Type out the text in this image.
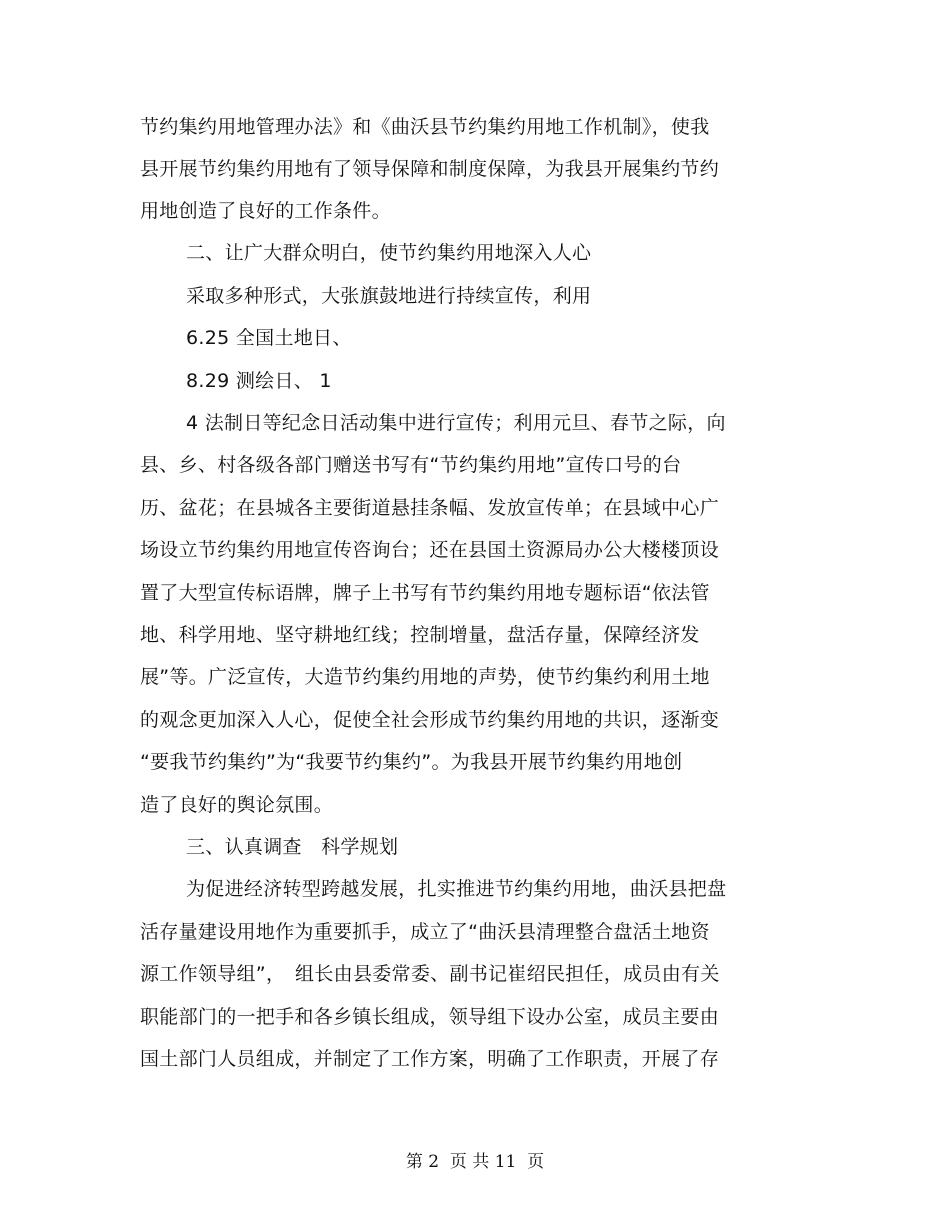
节约集约用地管理办法》和《曲沃县节约集约用地工作机制》，使我
县开展节约集约用地有了领导保障和制度保障，为我县开展集约节约
用地创造了良好的工作条件。
二、让广大群众明白，使节约集约用地深入人心
采取多种形式，大张旗鼓地进行持续宣传，利用
6.25 全国土地日、
8.29 测绘日、 1
4 法制日等纪念日活动集中进行宣传；利用元旦、春节之际，向
县、乡、村各级各部门赠送书写有“节约集约用地”宣传口号的台
历、盆花；在县城各主要街道悬挂条幅、发放宣传单；在县域中心广
场设立节约集约用地宣传咨询台；还在县国土资源局办公大楼楼顶设
置了大型宣传标语牌，牌子上书写有节约集约用地专题标语“依法管
地、科学用地、坚守耕地红线；控制增量，盘活存量，保障经济发
展”等。广泛宣传，大造节约集约用地的声势，使节约集约利用土地
的观念更加深入人心，促使全社会形成节约集约用地的共识，逐渐变
“要我节约集约”为“我要节约集约”。为我县开展节约集约用地创
造了良好的舆论氛围。
三、认真调查　科学规划
为促进经济转型跨越发展，扎实推进节约集约用地，曲沃县把盘
活存量建设用地作为重要抓手，成立了“曲沃县清理整合盘活土地资
源工作领导组”，　组长由县委常委、副书记崔绍民担任，成员由有关
职能部门的一把手和各乡镇长组成，领导组下设办公室，成员主要由
国土部门人员组成，并制定了工作方案，明确了工作职责，开展了存
第 2  页 共 11  页
